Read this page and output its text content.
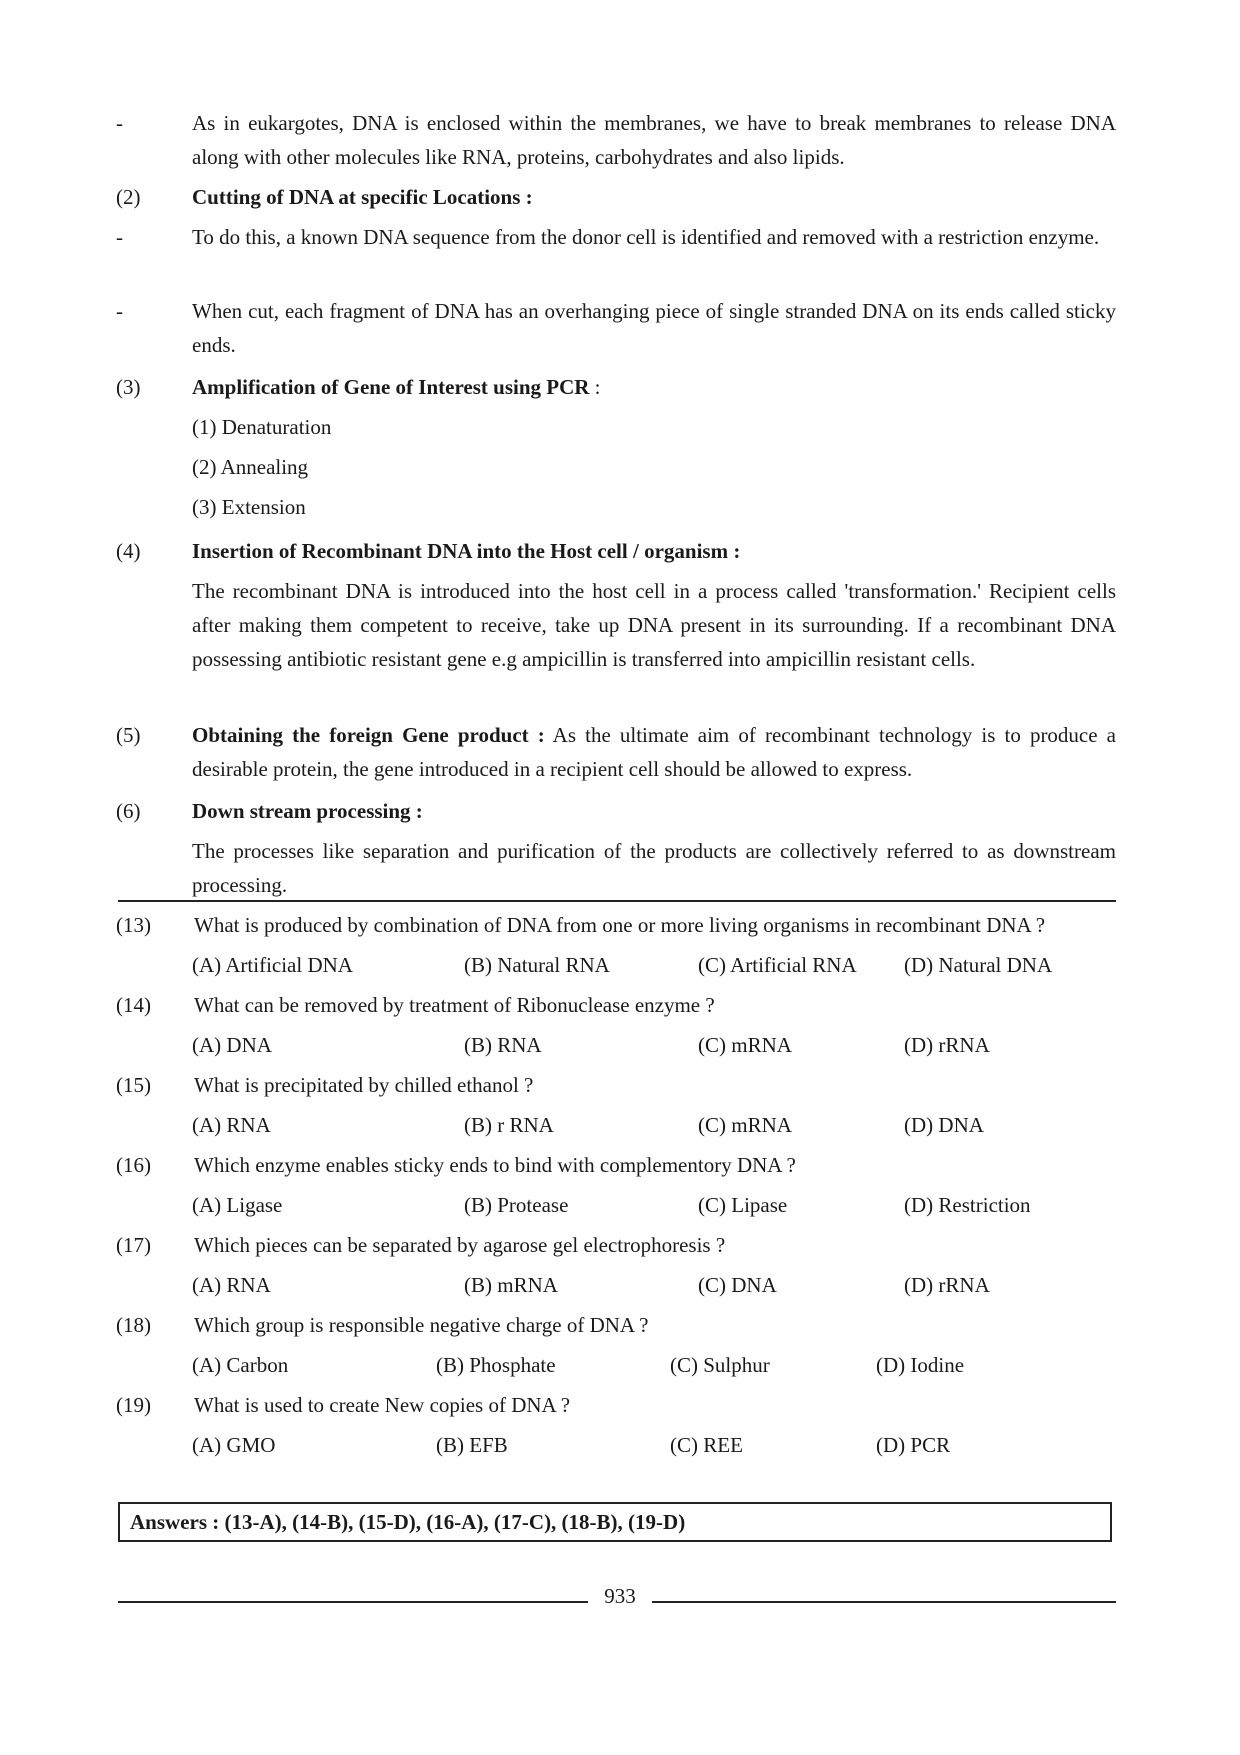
-	As in eukargotes, DNA is enclosed within the membranes, we have to break membranes to release DNA along with other molecules like RNA, proteins, carbohydrates and also lipids.
(2) Cutting of DNA at specific Locations :
-	To do this, a known DNA sequence from the donor cell is identified and removed with a restriction enzyme.
-	When cut, each fragment of DNA has an overhanging piece of single stranded DNA on its ends called sticky ends.
(3) Amplification of Gene of Interest using PCR :
(1) Denaturation
(2) Annealing
(3) Extension
(4) Insertion of Recombinant DNA into the Host cell / organism :
The recombinant DNA is introduced into the host cell in a process called 'transformation.' Recipient cells after making them competent to receive, take up DNA present in its surrounding. If a recombinant DNA possessing antibiotic resistant gene e.g ampicillin is transferred into ampicillin resistant cells.
(5) Obtaining the foreign Gene product : As the ultimate aim of recombinant technology is to produce a desirable protein, the gene introduced in a recipient cell should be allowed to express.
(6) Down stream processing :
The processes like separation and purification of the products are collectively referred to as downstream processing.
(13) What is produced by combination of DNA from one or more living organisms in recombinant DNA ?
(A) Artificial DNA	(B) Natural RNA	(C) Artificial RNA (D) Natural DNA
(14) What can be removed by treatment of Ribonuclease enzyme ?
(A) DNA	(B) RNA	(C) mRNA	(D) rRNA
(15) What is precipitated by chilled ethanol ?
(A) RNA	(B) r RNA	(C) mRNA	(D) DNA
(16) Which enzyme enables sticky ends to bind with complementory DNA ?
(A) Ligase	(B) Protease	(C) Lipase	(D) Restriction
(17) Which pieces can be separated by agarose gel electrophoresis ?
(A) RNA	(B) mRNA	(C) DNA	(D) rRNA
(18) Which group is responsible negative charge of DNA ?
(A) Carbon	(B) Phosphate	(C) Sulphur	(D) Iodine
(19) What is used to create New copies of DNA ?
(A) GMO	(B) EFB	(C) REE	(D) PCR
Answers : (13-A), (14-B), (15-D), (16-A), (17-C), (18-B), (19-D)
933
